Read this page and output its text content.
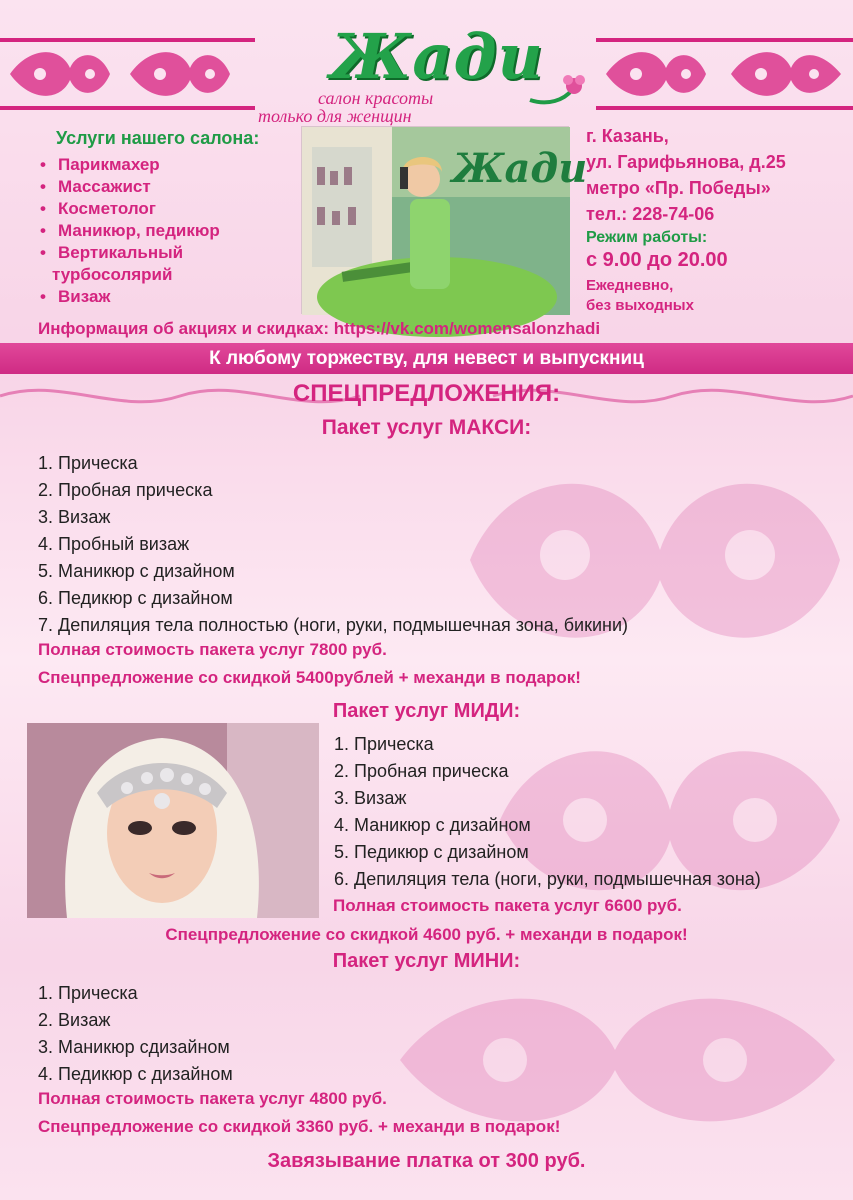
Жади
салон красоты
только для женщин
Услуги нашего салона:
• Парикмахер
• Массажист
• Косметолог
• Маникюр, педикюр
• Вертикальный
турбосолярий
• Визаж
Жади
г. Казань,
ул. Гарифьянова, д.25
метро «Пр. Победы»
тел.: 228-74-06
Режим работы:
с 9.00 до 20.00
Ежедневно,
без выходных
Информация об акциях и скидках: https://vk.com/womensalonzhadi
К любому торжеству, для невест и выпускниц
СПЕЦПРЕДЛОЖЕНИЯ:
Пакет услуг МАКСИ:
1. Прическа
2. Пробная прическа
3. Визаж
4. Пробный визаж
5. Маникюр с дизайном
6. Педикюр с дизайном
7. Депиляция тела полностью (ноги, руки, подмышечная зона, бикини)
Полная стоимость пакета услуг 7800 руб.
Спецпредложение со скидкой 5400рублей + механди в подарок!
Пакет услуг МИДИ:
1. Прическа
2. Пробная прическа
3. Визаж
4. Маникюр с дизайном
5. Педикюр с дизайном
6. Депиляция тела (ноги, руки, подмышечная зона)
Полная стоимость пакета услуг 6600 руб.
Спецпредложение со скидкой 4600 руб. + механди в подарок!
Пакет услуг МИНИ:
1. Прическа
2. Визаж
3. Маникюр сдизайном
4. Педикюр с дизайном
Полная стоимость пакета услуг 4800 руб.
Спецпредложение со скидкой 3360 руб. + механди в подарок!
Завязывание платка от 300 руб.
